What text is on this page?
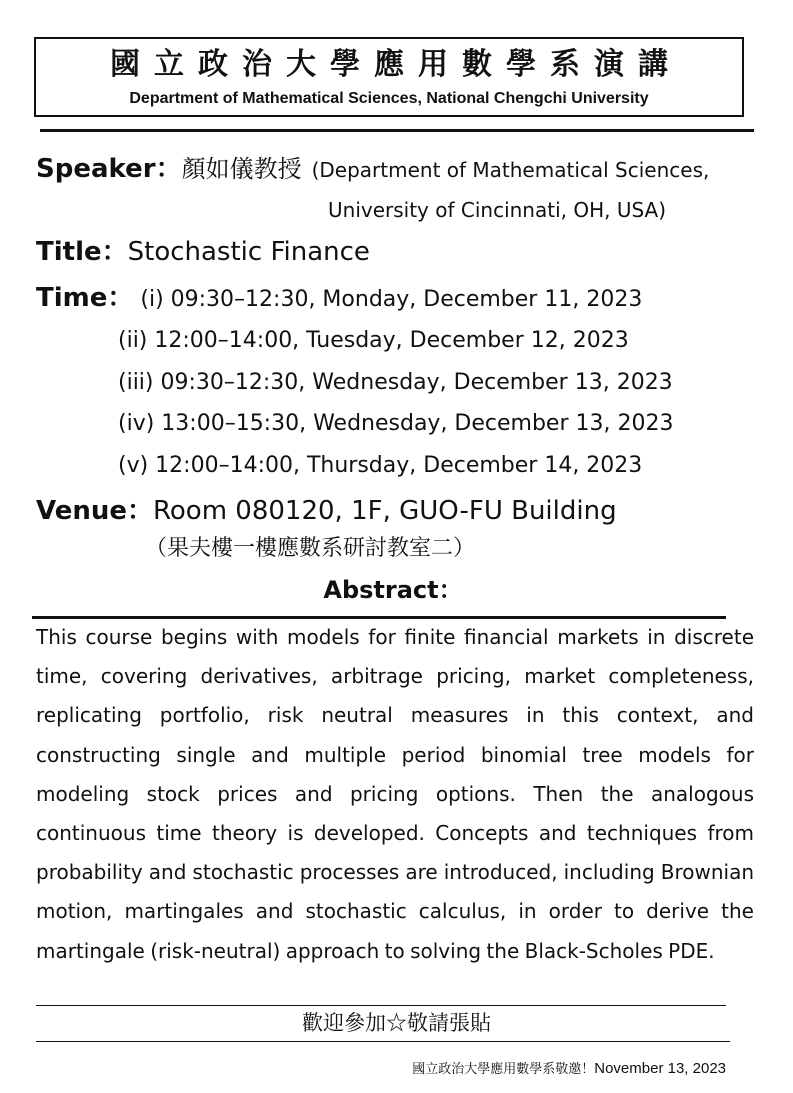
國立政治大學應用數學系演講
Department of Mathematical Sciences, National Chengchi University
Speaker：顏如儀教授 (Department of Mathematical Sciences,
University of Cincinnati, OH, USA)
Title：Stochastic Finance
Time： (i) 09:30–12:30, Monday, December 11, 2023
(ii) 12:00–14:00, Tuesday, December 12, 2023
(iii) 09:30–12:30, Wednesday, December 13, 2023
(iv) 13:00–15:30, Wednesday, December 13, 2023
(v) 12:00–14:00, Thursday, December 14, 2023
Venue：Room 080120, 1F, GUO-FU Building
（果夫樓一樓應數系研討教室二）
Abstract：
This course begins with models for finite financial markets in discrete time, covering derivatives, arbitrage pricing, market completeness, replicating portfolio, risk neutral measures in this context, and constructing single and multiple period binomial tree models for modeling stock prices and pricing options. Then the analogous continuous time theory is developed. Concepts and techniques from probability and stochastic processes are introduced, including Brownian motion, martingales and stochastic calculus, in order to derive the martingale (risk-neutral) approach to solving the Black-Scholes PDE.
歡迎參加☆敬請張貼
國立政治大學應用數學系敬邀！November 13, 2023
